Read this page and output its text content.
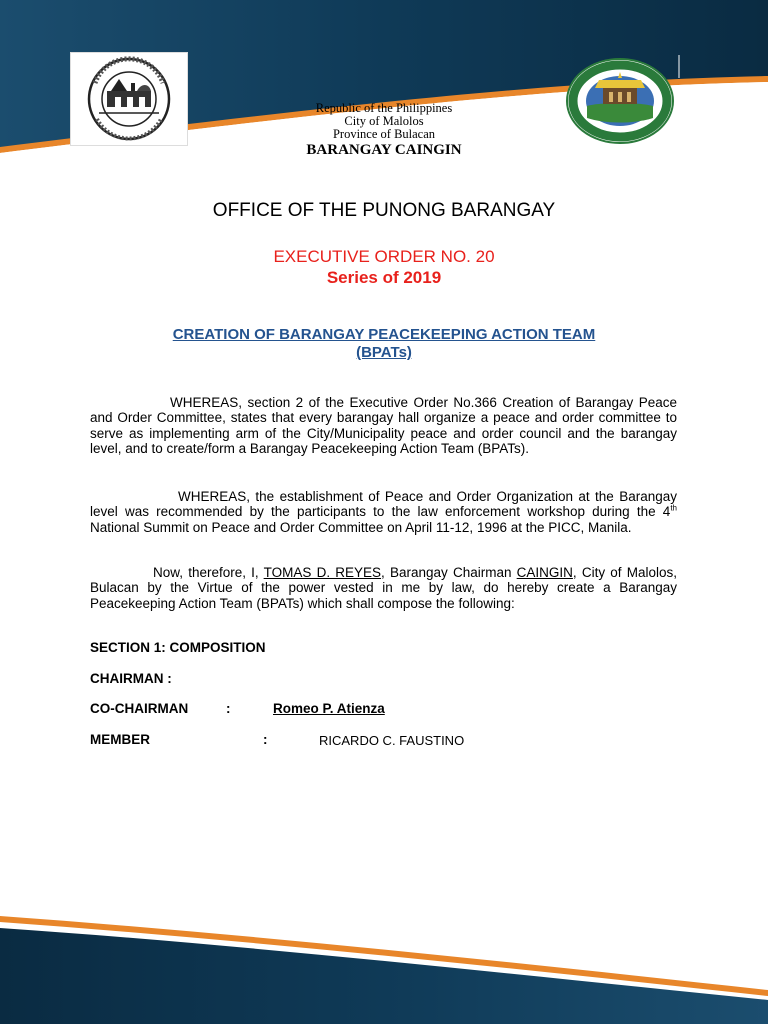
Republic of the Philippines
City of Malolos
Province of Bulacan
BARANGAY CAINGIN
OFFICE OF THE PUNONG BARANGAY
EXECUTIVE ORDER NO. 20
Series of 2019
CREATION OF BARANGAY PEACEKEEPING ACTION TEAM
(BPATs)
WHEREAS, section 2 of the Executive Order No.366 Creation of Barangay Peace and Order Committee, states that every barangay hall organize a peace and order committee to serve as implementing arm of the City/Municipality peace and order council and the barangay level, and to create/form a Barangay Peacekeeping Action Team (BPATs).
WHEREAS, the establishment of Peace and Order Organization at the Barangay level was recommended by the participants to the law enforcement workshop during the 4th National Summit on Peace and Order Committee on April 11-12, 1996 at the PICC, Manila.
Now, therefore, I, TOMAS D. REYES, Barangay Chairman CAINGIN, City of Malolos, Bulacan by the Virtue of the power vested in me by law, do hereby create a Barangay Peacekeeping Action Team (BPATs) which shall compose the following:
SECTION 1: COMPOSITION
CHAIRMAN :
CO-CHAIRMAN	:	Romeo P. Atienza
MEMBER	:	RICARDO C. FAUSTINO
